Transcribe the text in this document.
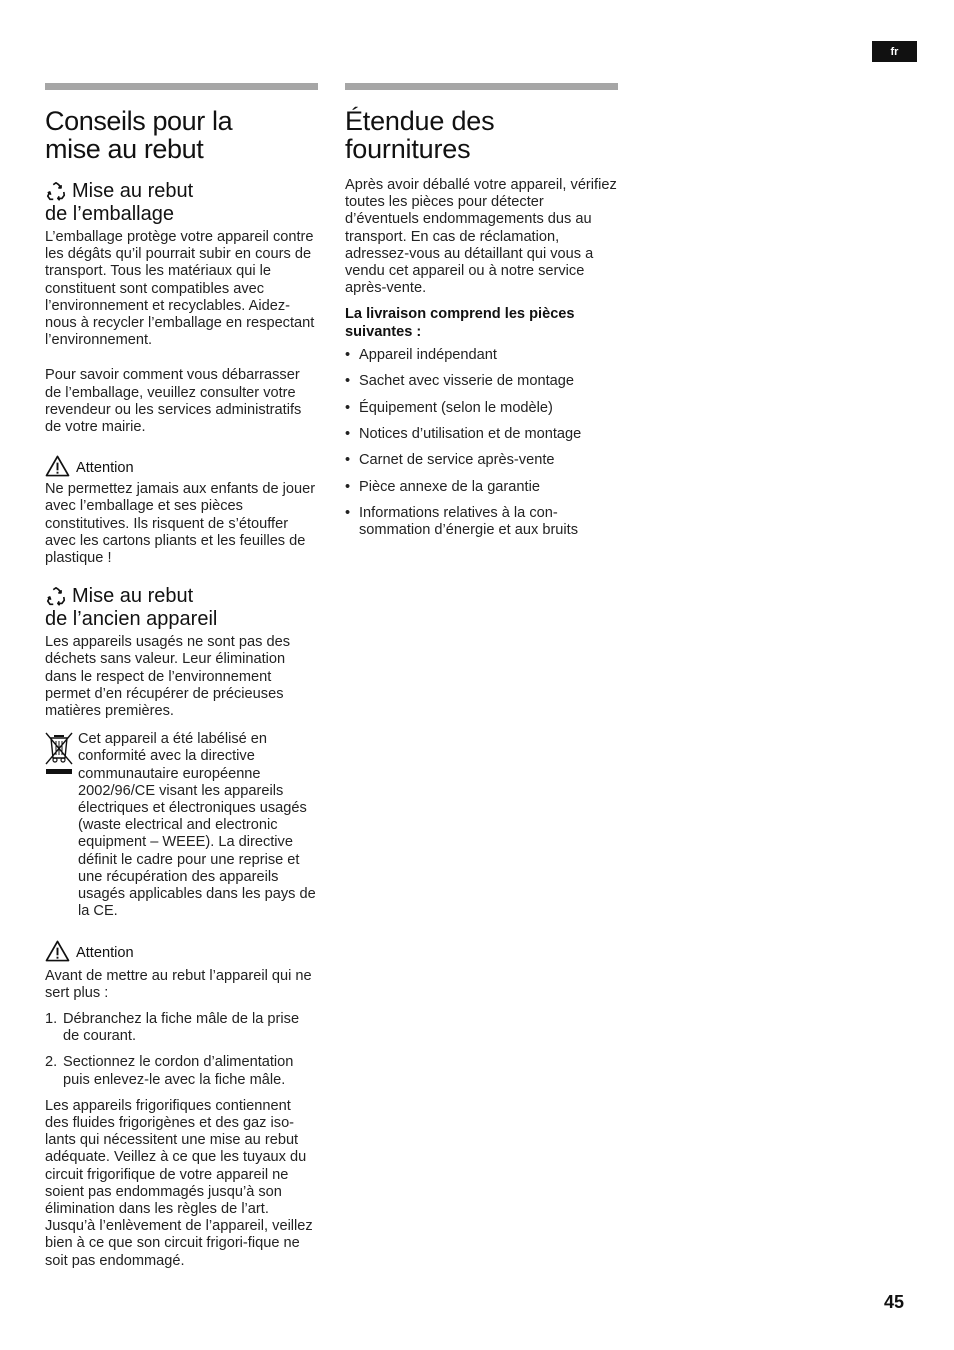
fr
Conseils pour la
mise au rebut
Mise au rebut
de l’emballage

L’emballage protège votre appareil contre les dégâts qu’il pourrait subir en cours de transport. Tous les matériaux qui le constituent sont compatibles avec l’environnement et recyclables. Aidez-nous à recycler l’emballage en respectant l’environnement.

Pour savoir comment vous débarrasser de l’emballage, veuillez consulter votre revendeur ou les services administratifs de votre mairie.

Attention

Ne permettez jamais aux enfants de jouer avec l’emballage et ses pièces constitutives. Ils risquent de s’étouffer avec les cartons pliants et les feuilles de plastique !

Mise au rebut
de l’ancien appareil

Les appareils usagés ne sont pas des déchets sans valeur. Leur élimination dans le respect de l’environnement permet d’en récupérer de précieuses matières premières.

Cet appareil a été labélisé en conformité avec la directive communautaire européenne 2002/96/CE visant les appareils électriques et électroniques usagés (waste electrical and electronic equipment – WEEE). La directive définit le cadre pour une reprise et une récupération des appareils usagés applicables dans les pays de la CE.

Attention

Avant de mettre au rebut l’appareil qui ne sert plus :

1. Débranchez la fiche mâle de la prise de courant.
2. Sectionnez le cordon d’alimentation puis enlevez-le avec la fiche mâle.

Les appareils frigorifiques contiennent des fluides frigorigènes et des gaz iso-lants qui nécessitent une mise au rebut adéquate. Veillez à ce que les tuyaux du circuit frigorifique de votre appareil ne soient pas endommagés jusqu’à son élimination dans les règles de l’art. Jusqu’à l’enlèvement de l’appareil, veillez bien à ce que son circuit frigori-fique ne soit pas endommagé.

Étendue des
fournitures

Après avoir déballé votre appareil, vérifiez toutes les pièces pour détecter d’éventuels endommagements dus au transport. En cas de réclamation, adressez-vous au détaillant qui vous a vendu cet appareil ou à notre service après-vente.

La livraison comprend les pièces suivantes :

• Appareil indépendant
• Sachet avec visserie de montage
• Équipement (selon le modèle)
• Notices d’utilisation et de montage
• Carnet de service après-vente
• Pièce annexe de la garantie
• Informations relatives à la con-sommation d’énergie et aux bruits
45
